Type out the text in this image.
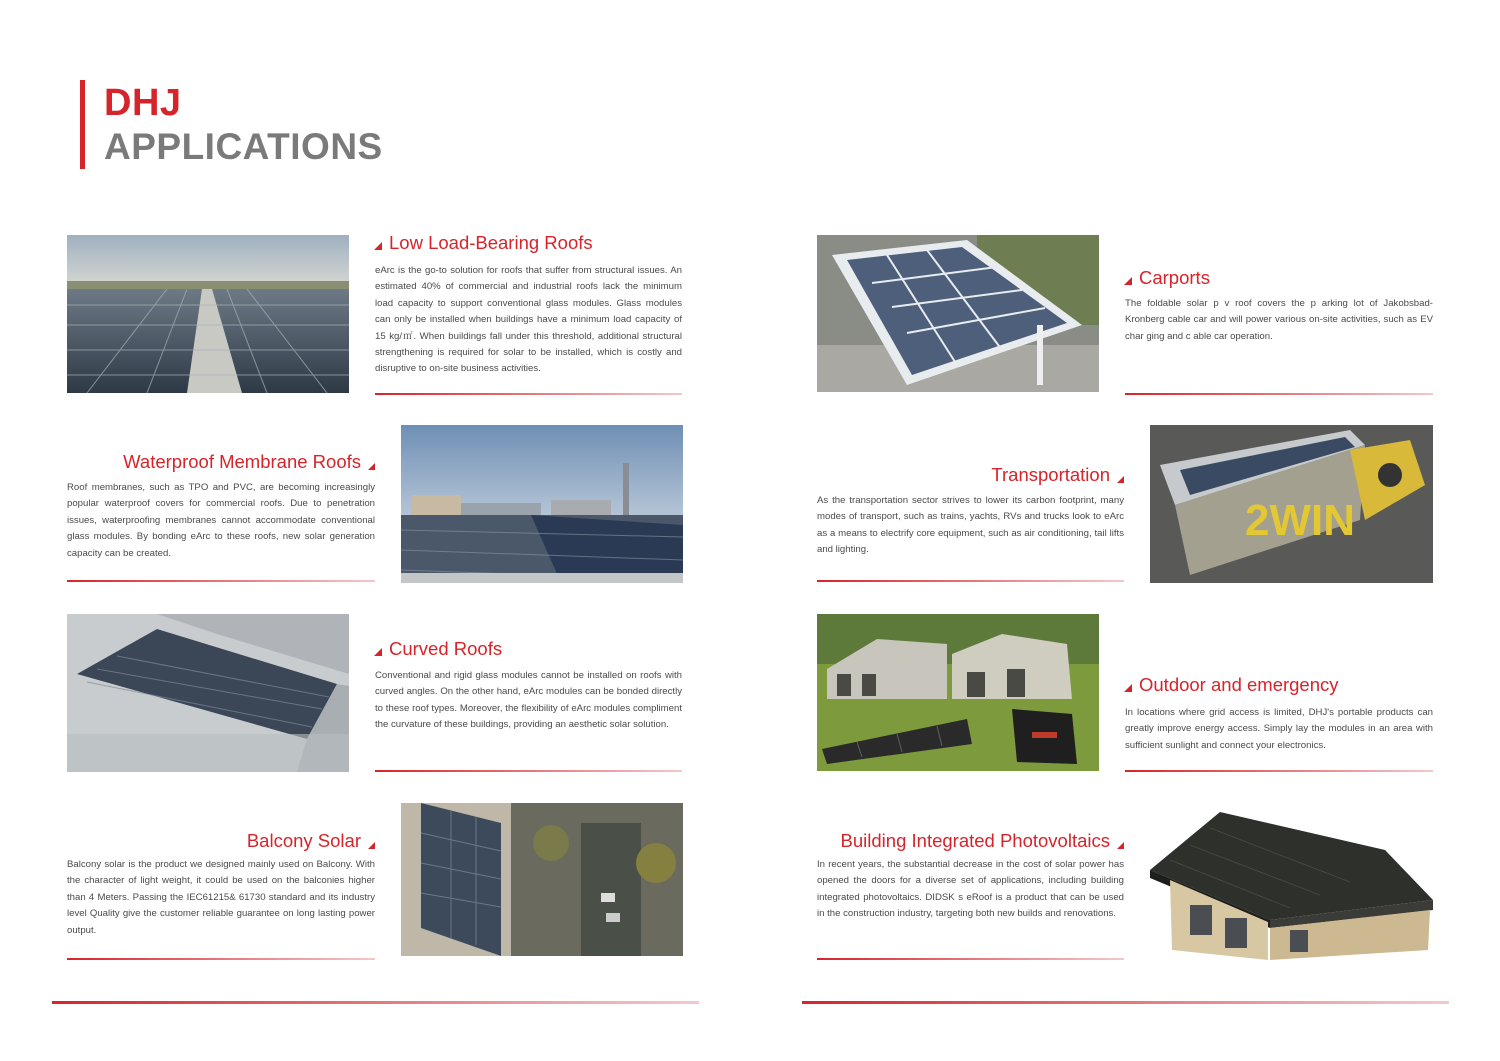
DHJ
APPLICATIONS
Low Load-Bearing Roofs
eArc is the go-to solution for roofs that suffer from structural issues. An estimated 40% of commercial and industrial roofs lack the minimum load capacity to support conventional glass modules. Glass modules can only be installed when buildings have a minimum load capacity of 15 kg/㎡. When buildings fall under this threshold, additional structural strengthening is required for solar to be installed, which is costly and disruptive to on-site business activities.
Waterproof Membrane Roofs
Roof membranes, such as TPO and PVC, are becoming increasingly popular waterproof covers for commercial roofs. Due to penetration issues, waterproofing membranes cannot accommodate conventional glass modules. By bonding eArc to these roofs, new solar generation capacity can be created.
Curved Roofs
Conventional and rigid glass modules cannot be installed on roofs with curved angles. On the other hand, eArc modules can be bonded directly to these roof types. Moreover, the flexibility of eArc modules compliment the curvature of these buildings, providing an aesthetic solar solution.
Balcony Solar
Balcony solar is the product we designed mainly used on Balcony. With the character of light weight, it could be used on the balconies higher than 4 Meters. Passing the IEC61215& 61730 standard and its industry level Quality give the customer reliable guarantee on long lasting power output.
Carports
The foldable solar p v roof covers the p arking lot of Jakobsbad-Kronberg cable car and will power various on-site activities, such as EV char ging and c able car operation.
Transportation
As the transportation sector strives to lower its carbon footprint, many modes of transport, such as trains, yachts, RVs and trucks look to eArc as a means to electrify core equipment, such as air conditioning, tail lifts and lighting.
2WIN
Outdoor and emergency
In locations where grid access is limited, DHJ's portable products can greatly improve energy access. Simply lay the modules in an area with sufficient sunlight and connect your electronics.
Building Integrated Photovoltaics
In recent years, the substantial decrease in the cost of solar power has opened the doors for a diverse set of applications, including building integrated photovoltaics. DIDSK s eRoof is a product that can be used in the construction industry, targeting both new builds and renovations.
